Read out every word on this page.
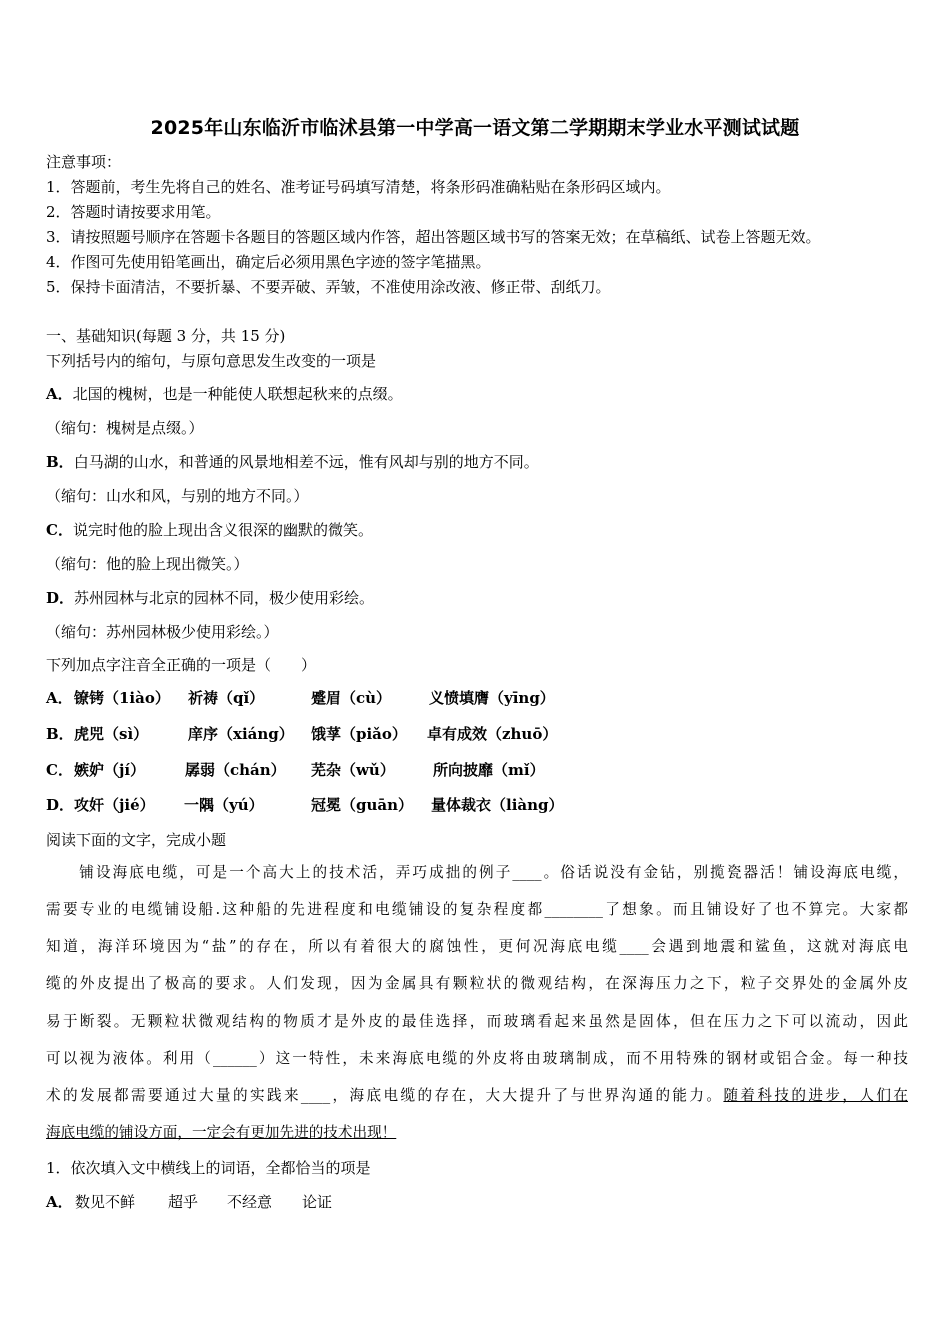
2025年山东临沂市临沭县第一中学高一语文第二学期期末学业水平测试试题
注意事项：
1．答题前，考生先将自己的姓名、准考证号码填写清楚，将条形码准确粘贴在条形码区域内。
2．答题时请按要求用笔。
3．请按照题号顺序在答题卡各题目的答题区域内作答，超出答题区域书写的答案无效；在草稿纸、试卷上答题无效。
4．作图可先使用铅笔画出，确定后必须用黑色字迹的签字笔描黑。
5．保持卡面清洁，不要折暴、不要弄破、弄皱，不准使用涂改液、修正带、刮纸刀。
一、基础知识(每题 3 分，共 15 分)
下列括号内的缩句，与原句意思发生改变的一项是
A．北国的槐树，也是一种能使人联想起秋来的点缀。
（缩句：槐树是点缀。）
B．白马湖的山水，和普通的风景地相差不远，惟有风却与别的地方不同。
（缩句：山水和风，与别的地方不同。）
C．说完时他的脸上现出含义很深的幽默的微笑。
（缩句：他的脸上现出微笑。）
D．苏州园林与北京的园林不同，极少使用彩绘。
（缩句：苏州园林极少使用彩绘。）
下列加点字注音全正确的一项是（　　）
A． 镣铐（1iào） 祈祷（qǐ）	蹙眉（cù）	义愤填膺（yīng）
B． 虎兕（sì）	庠序（xiáng） 饿莩（piǎo） 卓有成效（zhuō）
C． 嫉妒（jí）	孱弱（chán） 芜杂（wǔ）	所向披靡（mǐ）
D． 攻奸（jié） 一隅（yú）	冠冕（guān） 量体裁衣（liàng）
阅读下面的文字，完成小题
　　铺设海底电缆，可是一个高大上的技术活，弄巧成拙的例子____。俗话说没有金钻，别揽瓷器活！铺设海底电缆，
需要专业的电缆铺设船.这种船的先进程度和电缆铺设的复杂程度都________了想象。而且铺设好了也不算完。大家都
知道，海洋环境因为“盐”的存在，所以有着很大的腐蚀性，更何况海底电缆____会遇到地震和鲨鱼，这就对海底电
缆的外皮提出了极高的要求。人们发现，因为金属具有颗粒状的微观结构，在深海压力之下，粒子交界处的金属外皮
易于断裂。无颗粒状微观结构的物质才是外皮的最佳选择，而玻璃看起来虽然是固体，但在压力之下可以流动，因此
可以视为液体。利用（______）这一特性，未来海底电缆的外皮将由玻璃制成，而不用特殊的钢材或铝合金。每一种技
术的发展都需要通过大量的实践来____，海底电缆的存在，大大提升了与世界沟通的能力。随着科技的进步，人们在
海底电缆的铺设方面，一定会有更加先进的技术出现！
1．依次填入文中横线上的词语，全都恰当的项是
A． 数见不鲜 超乎 不经意 论证
